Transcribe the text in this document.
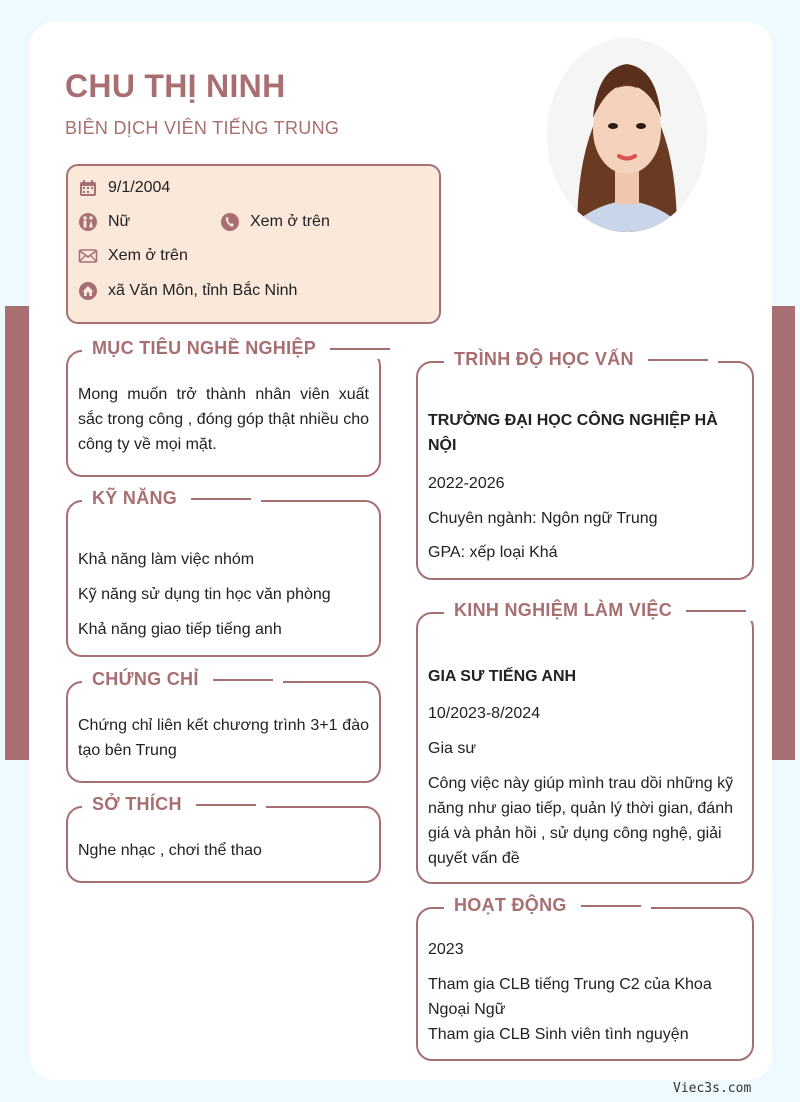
CHU THỊ NINH
BIÊN DỊCH VIÊN TIẾNG TRUNG
9/1/2004
Nữ	Xem ở trên
Xem ở trên
xã Văn Môn, tỉnh Bắc Ninh
MỤC TIÊU NGHỀ NGHIỆP
Mong muốn trở thành nhân viên xuất sắc trong công , đóng góp thật nhiều cho công ty về mọi mặt.
KỸ NĂNG
Khả năng làm việc nhóm
Kỹ năng sử dụng tin học văn phòng
Khả năng giao tiếp tiếng anh
CHỨNG CHỈ
Chứng chỉ liên kết chương trình 3+1 đào tạo bên Trung
SỞ THÍCH
Nghe nhạc , chơi thể thao
TRÌNH ĐỘ HỌC VẤN
TRƯỜNG ĐẠI HỌC CÔNG NGHIỆP HÀ NỘI
2022-2026
Chuyên ngành: Ngôn ngữ Trung
GPA: xếp loại Khá
KINH NGHIỆM LÀM VIỆC
GIA SƯ TIẾNG ANH
10/2023-8/2024
Gia sư
Công việc này giúp mình trau dồi những kỹ năng như giao tiếp, quản lý thời gian, đánh giá và phản hồi , sử dụng công nghệ, giải quyết vấn đề
HOẠT ĐỘNG
2023
Tham gia CLB tiếng Trung C2 của Khoa Ngoại Ngữ
Tham gia CLB Sinh viên tình nguyện
Viec3s.com
